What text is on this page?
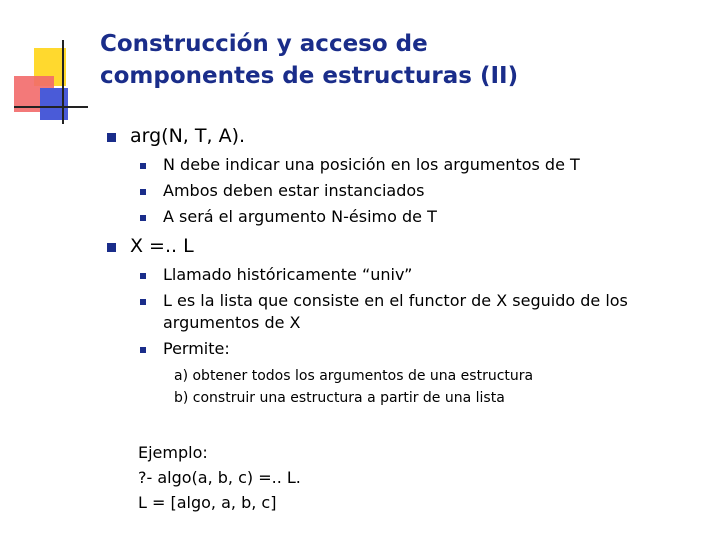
Construcción y acceso de
componentes de estructuras (II)
arg(N, T, A).
N debe indicar una posición en los argumentos de T
Ambos deben estar instanciados
A será el argumento N-ésimo de T
X =.. L
Llamado históricamente “univ”
L es la lista que consiste en el functor de X seguido de los
argumentos de X
Permite:
a) obtener todos los argumentos de una estructura
b) construir una estructura a partir de una lista
Ejemplo:
?- algo(a, b, c) =.. L.
L = [algo, a, b, c]
